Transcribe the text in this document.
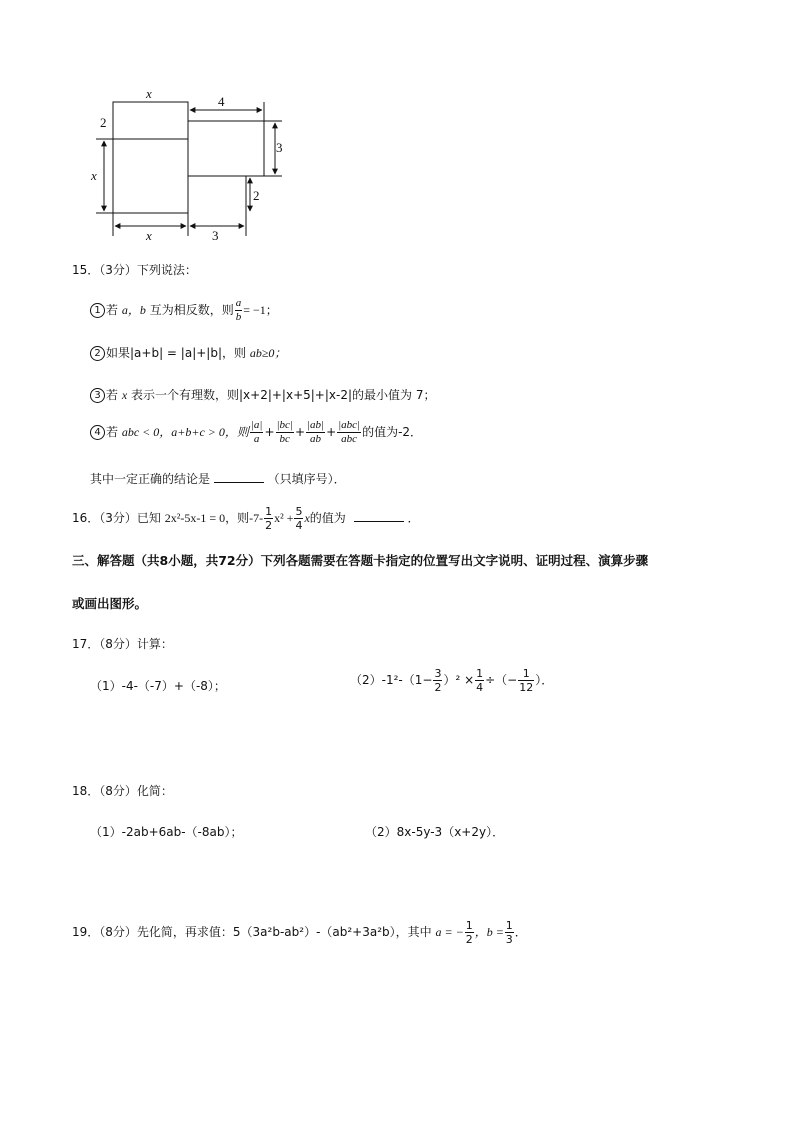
x
2
x
4
3
2
x	3
15．（3分）下列说法：
1 若 a，b 互为相反数，则 $\frac{a}{b} = -1$；
2 如果|a+b| = |a|+|b|，则 ab≥0；
3 若 x 表示一个有理数，则|x+2|+|x+5|+|x-2|的最小值为 7；
4 若 abc < 0，a+b+c > 0，则 $\frac{|a|}{a} + \frac{|bc|}{bc} + \frac{|ab|}{ab} + \frac{\text{|abc|}}{\text{abc}}$ 的值为-2．
其中一定正确的结论是	（只填序号）．
16．（3分）已知 2x²-5x-1 = 0，则$-7- \frac{1}{2} x^2 + \frac{5}{4}$ x的值为	．
三、解答题（共8小题，共72分）下列各题需要在答题卡指定的位置写出文字说明、证明过程、演算步骤
或画出图形。
17．（8分）计算：
（1）-4-（-7）+（-8）；	$(2)-1^2-(1- \frac{3}{2} )^2 \times \frac{1}{4}$ ÷（− $\frac{1}{12}$ ）．
18．（8分）化简：
（1）-2ab+6ab-（-8ab）；	（2）8x-5y-3（x+2y）．
19．（8分）先化简，再求值：5（3a²b-ab²）-（ab²+3a²b），其中 a = − $\frac{1}{2}$ ，$b = \frac{1}{3}$ ．
